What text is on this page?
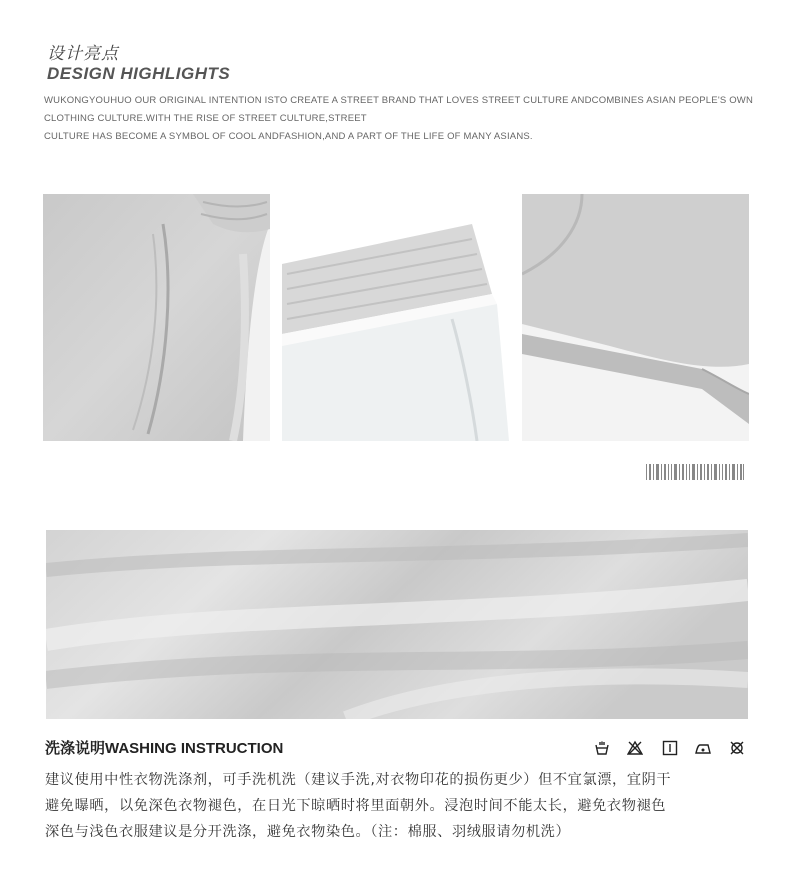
设计亮点
DESIGN HIGHLIGHTS
WUKONGYOUHUO OUR ORIGINAL INTENTION ISTO CREATE A STREET BRAND THAT LOVES STREET CULTURE ANDCOMBINES ASIAN PEOPLE'S OWN
CLOTHING CULTURE.WITH THE RISE OF STREET CULTURE,STREET
CULTURE HAS BECOME A SYMBOL OF COOL ANDFASHION,AND A PART OF THE LIFE OF MANY ASIANS.
洗涤说明WASHING INSTRUCTION
建议使用中性衣物洗涤剂，可手洗机洗（建议手洗,对衣物印花的损伤更少）但不宜氯漂，宜阴干
避免曝晒，以免深色衣物褪色，在日光下晾晒时将里面朝外。浸泡时间不能太长，避免衣物褪色
深色与浅色衣服建议是分开洗涤，避免衣物染色。（注：棉服、羽绒服请勿机洗）
